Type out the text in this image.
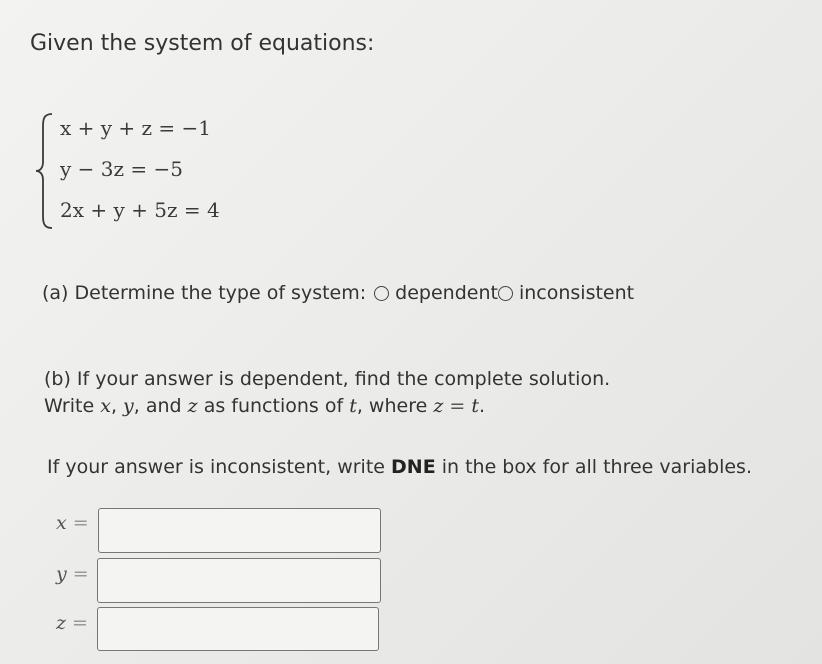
Given the system of equations:
x + y + z = −1
y − 3z = −5
2x + y + 5z = 4
(a) Determine the type of system: dependent inconsistent
(b) If your answer is dependent, find the complete solution.
Write x, y, and z as functions of t, where z = t.
If your answer is inconsistent, write DNE in the box for all three variables.
x =
y =
z =
